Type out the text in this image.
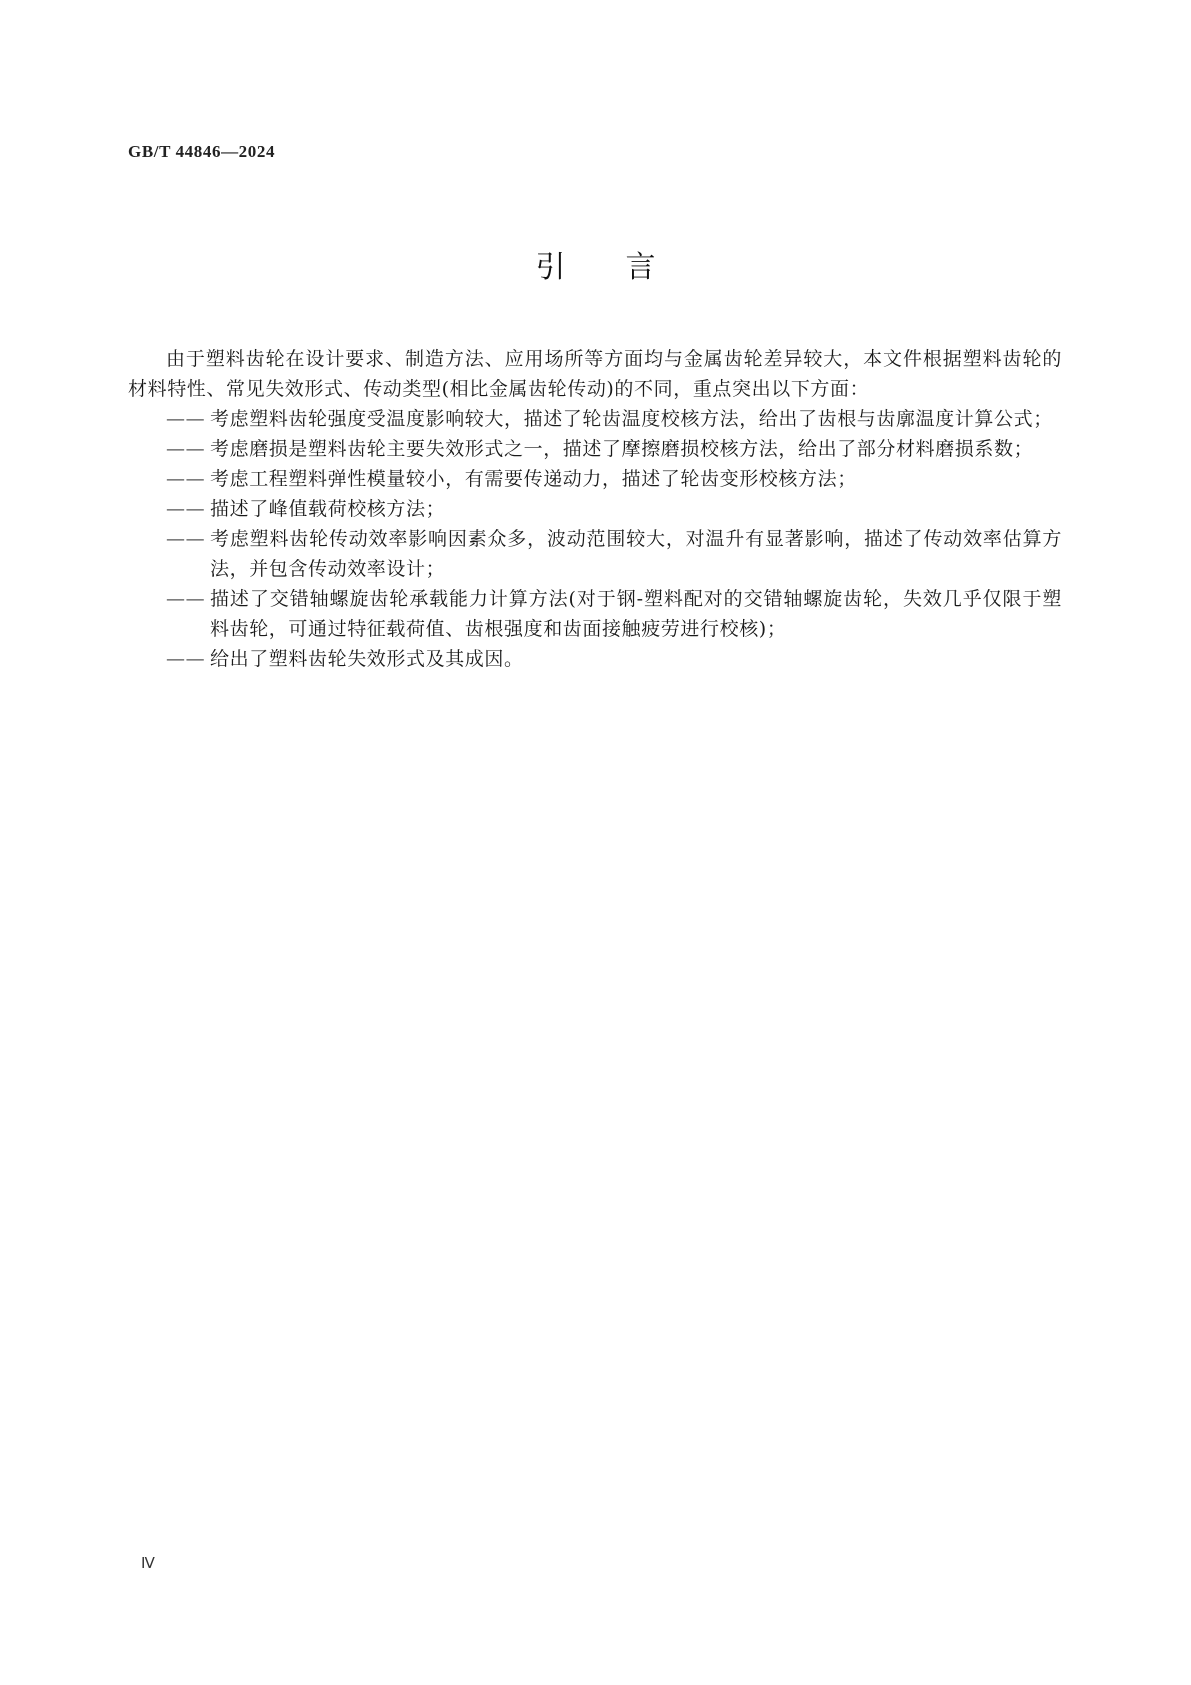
GB/T 44846—2024
引言

由于塑料齿轮在设计要求、制造方法、应用场所等方面均与金属齿轮差异较大，本文件根据塑料齿轮的材料特性、常见失效形式、传动类型(相比金属齿轮传动)的不同，重点突出以下方面：

—— 考虑塑料齿轮强度受温度影响较大，描述了轮齿温度校核方法，给出了齿根与齿廓温度计算公式；
—— 考虑磨损是塑料齿轮主要失效形式之一，描述了摩擦磨损校核方法，给出了部分材料磨损系数；
—— 考虑工程塑料弹性模量较小，有需要传递动力，描述了轮齿变形校核方法；
—— 描述了峰值载荷校核方法；
—— 考虑塑料齿轮传动效率影响因素众多，波动范围较大，对温升有显著影响，描述了传动效率估算方法，并包含传动效率设计；
—— 描述了交错轴螺旋齿轮承载能力计算方法(对于钢-塑料配对的交错轴螺旋齿轮，失效几乎仅限于塑料齿轮，可通过特征载荷值、齿根强度和齿面接触疲劳进行校核)；
—— 给出了塑料齿轮失效形式及其成因。
Ⅳ
